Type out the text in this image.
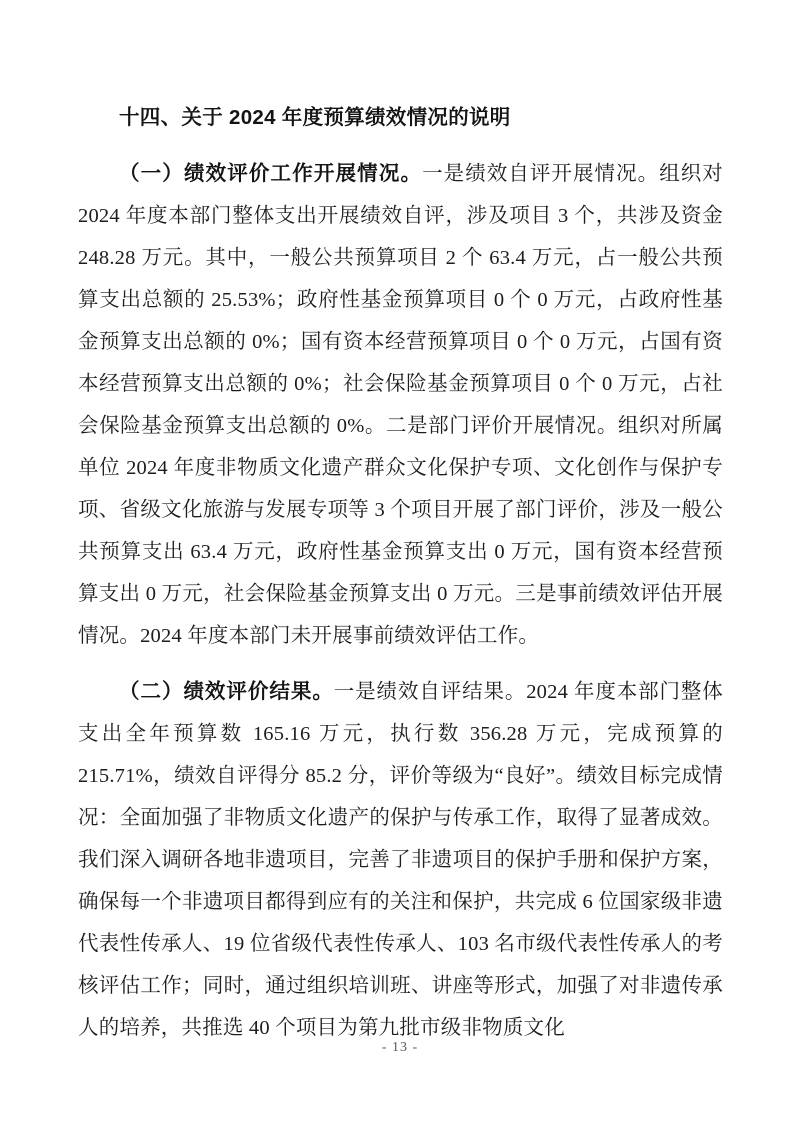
十四、关于 2024 年度预算绩效情况的说明

（一）绩效评价工作开展情况。一是绩效自评开展情况。组织对 2024 年度本部门整体支出开展绩效自评，涉及项目 3 个，共涉及资金 248.28 万元。其中，一般公共预算项目 2 个 63.4 万元，占一般公共预算支出总额的 25.53%；政府性基金预算项目 0 个 0 万元，占政府性基金预算支出总额的 0%；国有资本经营预算项目 0 个 0 万元，占国有资本经营预算支出总额的 0%；社会保险基金预算项目 0 个 0 万元，占社会保险基金预算支出总额的 0%。二是部门评价开展情况。组织对所属单位 2024 年度非物质文化遗产群众文化保护专项、文化创作与保护专项、省级文化旅游与发展专项等 3 个项目开展了部门评价，涉及一般公共预算支出 63.4 万元，政府性基金预算支出 0 万元，国有资本经营预算支出 0 万元，社会保险基金预算支出 0 万元。三是事前绩效评估开展情况。2024 年度本部门未开展事前绩效评估工作。

（二）绩效评价结果。一是绩效自评结果。2024 年度本部门整体支出全年预算数 165.16 万元，执行数 356.28 万元，完成预算的 215.71%，绩效自评得分 85.2 分，评价等级为“良好”。绩效目标完成情况：全面加强了非物质文化遗产的保护与传承工作，取得了显著成效。我们深入调研各地非遗项目，完善了非遗项目的保护手册和保护方案，确保每一个非遗项目都得到应有的关注和保护，共完成 6 位国家级非遗代表性传承人、19 位省级代表性传承人、103 名市级代表性传承人的考核评估工作；同时，通过组织培训班、讲座等形式，加强了对非遗传承人的培养，共推选 40 个项目为第九批市级非物质文化

- 13 -
